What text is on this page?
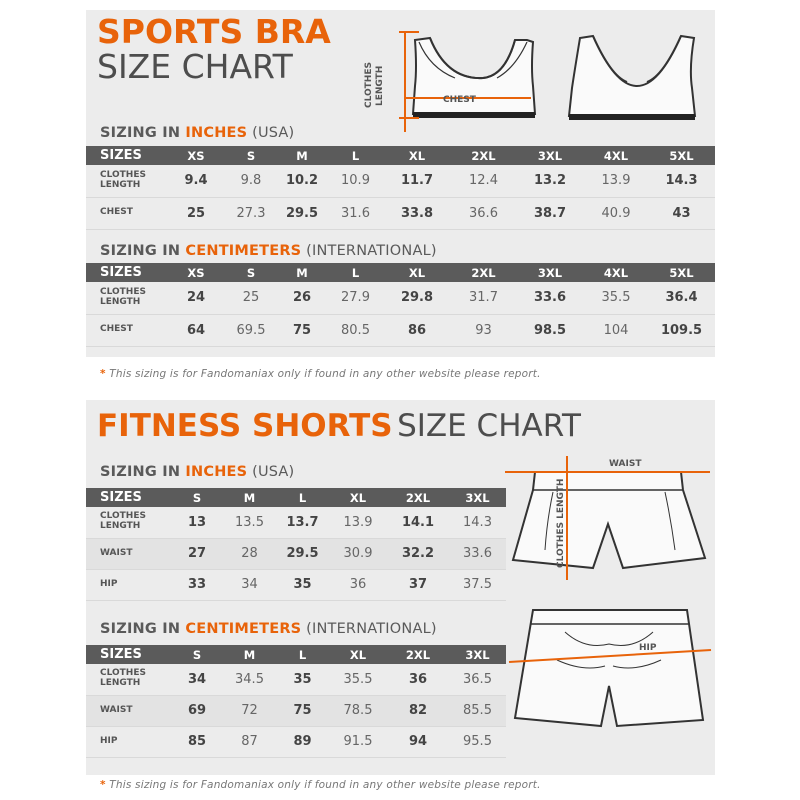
SPORTS BRA
SIZE CHART
CHEST
CLOTHES LENGTH
SIZING IN INCHES (USA)
SIZES	XS	S	M	L	XL	2XL	3XL	4XL	5XL
CLOTHES
LENGTH	9.4	9.8	10.2	10.9	11.7	12.4	13.2	13.9	14.3
CHEST	25	27.3	29.5	31.6	33.8	36.6	38.7	40.9	43
SIZING IN CENTIMETERS (INTERNATIONAL)
SIZES	XS	S	M	L	XL	2XL	3XL	4XL	5XL
CLOTHES
LENGTH	24	25	26	27.9	29.8	31.7	33.6	35.5	36.4
CHEST	64	69.5	75	80.5	86	93	98.5	104	109.5
* This sizing is for Fandomaniax only if found in any other website please report.
FITNESS SHORTS SIZE CHART
SIZING IN INCHES (USA)
SIZES	S	M	L	XL	2XL	3XL
CLOTHES
LENGTH	13	13.5	13.7	13.9	14.1	14.3
WAIST	27	28	29.5	30.9	32.2	33.6
HIP	33	34	35	36	37	37.5
SIZING IN CENTIMETERS (INTERNATIONAL)
SIZES	S	M	L	XL	2XL	3XL
CLOTHES
LENGTH	34	34.5	35	35.5	36	36.5
WAIST	69	72	75	78.5	82	85.5
HIP	85	87	89	91.5	94	95.5
WAIST
CLOTHES LENGTH
HIP
* This sizing is for Fandomaniax only if found in any other website please report.
